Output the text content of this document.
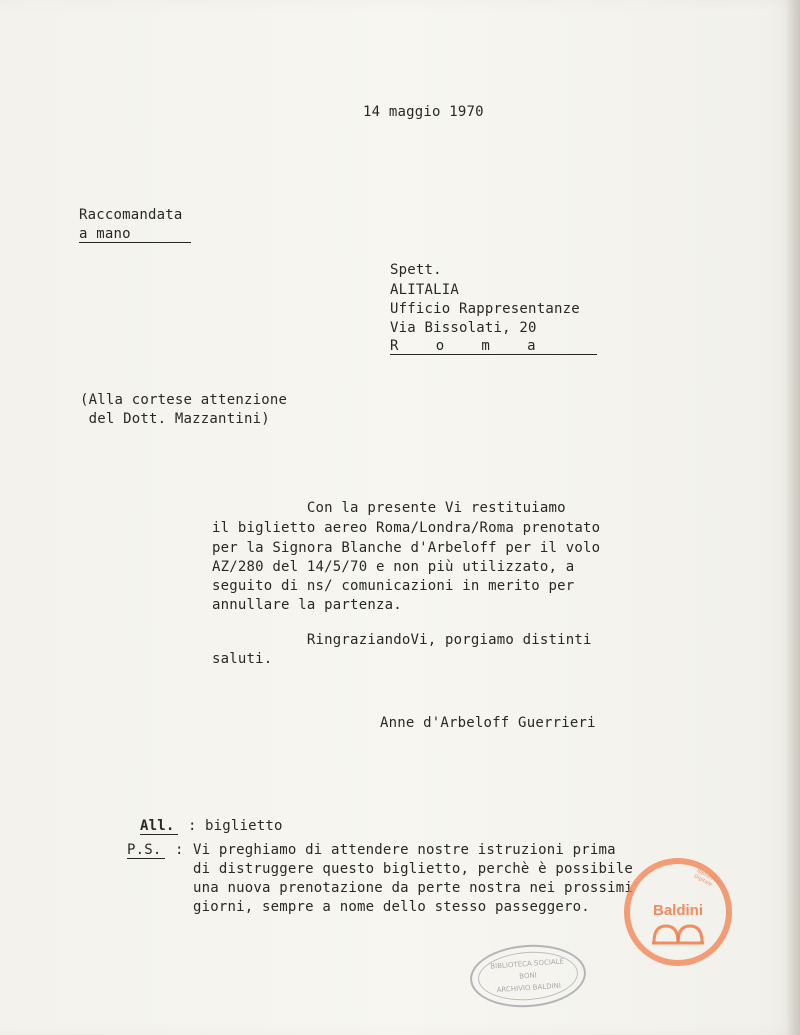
14 maggio 1970
Raccomandata
a mano
Spett.
ALITALIA
Ufficio Rappresentanze
Via Bissolati, 20
R   o   m   a
(Alla cortese attenzione
del Dott. Mazzantini)
Con la presente Vi restituiamo
il biglietto aereo Roma/Londra/Roma prenotato
per la Signora Blanche d'Arbeloff per il volo
AZ/280 del 14/5/70 e non più utilizzato, a
seguito di ns/ comunicazioni in merito per
annullare la partenza.
RingraziandoVi, porgiamo distinti
saluti.
Anne d'Arbeloff Guerrieri
All. : biglietto
P.S. : Vi preghiamo di attendere nostre istruzioni prima
di distruggere questo biglietto, perchè è possibile
una nuova prenotazione da perte nostra nei prossimi
giorni, sempre a nome dello stesso passeggero.
BIBLIOTECA SOCIALE
BONI
ARCHIVIO BALDINI
Biblioteca Digitale
Baldini
